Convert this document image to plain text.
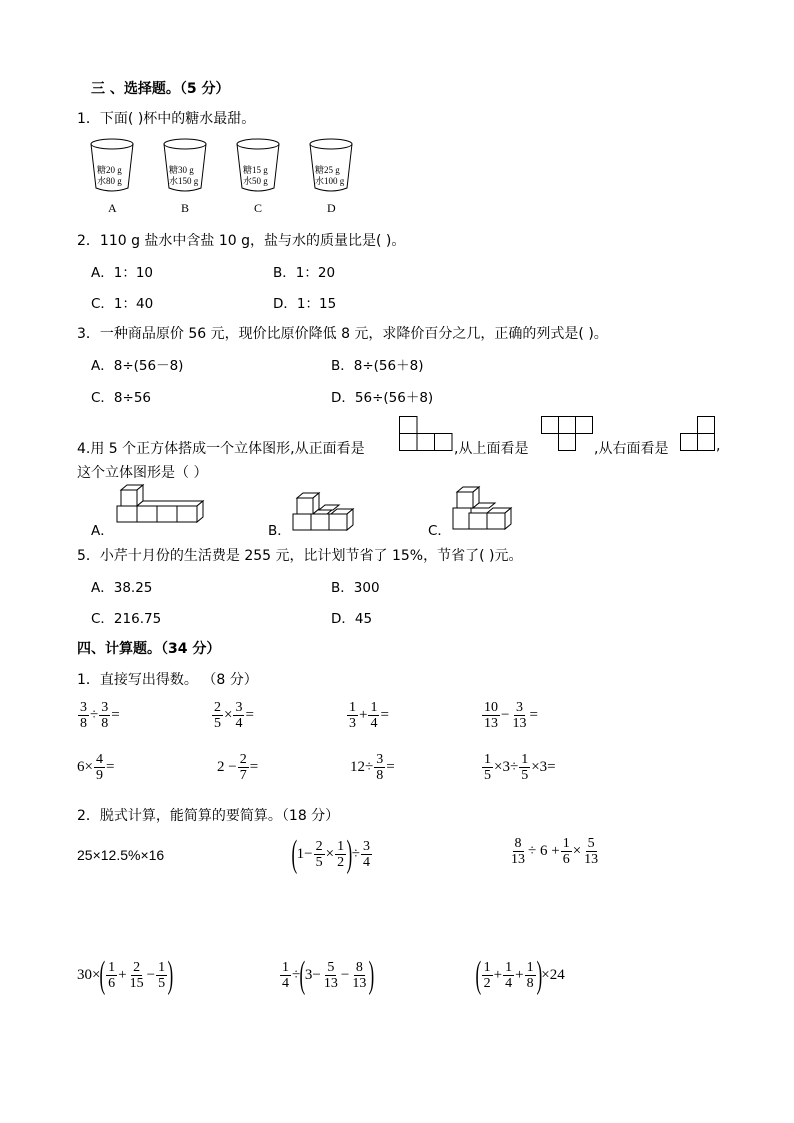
三 、选择题。（5 分）
1．下面( )杯中的糖水最甜。
糖20 g
水80 g
A
糖30 g
水150 g
B
糖15 g
水50 g
C
糖25 g
水100 g
D
2．110 g 盐水中含盐 10 g，盐与水的质量比是( )。
A．1：10	B．1：20
C．1：40	D．1：15
3．一种商品原价 56 元，现价比原价降低 8 元，求降价百分之几，正确的列式是( )。
A．8÷(56－8)	B．8÷(56＋8)
C．8÷56	D．56÷(56＋8)
4.用 5 个正方体搭成一个立体图形,从正面看是	,从上面看是	,从右面看是	,
这个立体图形是（ ）
A．	B．	C．
5．小芹十月份的生活费是 255 元，比计划节省了 15%，节省了( )元。
A．38.25	B．300
C．216.75	D．45
四、计算题。（34 分）
1．直接写出得数。 （8 分）
$\frac{3}{8} \div \frac{3}{8}$ =	$\frac{2}{5} \times \frac{3}{4}$ =	$\frac{1}{3} + \frac{1}{4}$ =	$\frac{10}{13} - \frac{3}{13}$ =
$6\times \frac{4}{9}$ =	$2 - \frac{2}{7}$ =	$12\div \frac{3}{8}$ =	$\frac{1}{5} \times 3\div \frac{1}{5} \times 3$ =
2．脱式计算，能简算的要简算。（18 分）
25×12.5%×16	( $1- \frac{2}{5} \times \frac{1}{2}$ ) ÷ $\frac{3}{4}$	$\frac{8}{13} \div 6 + \frac{1}{6} \times \frac{5}{13}$
30× ( $\frac{1}{6} + \frac{2}{15} - \frac{1}{5}$ )	$\frac{1}{4}$ ÷ ( $3- \frac{5}{13} - \frac{8}{13}$ )	( $\frac{1}{2} + \frac{1}{4} + \frac{1}{8}$ ) ×24
